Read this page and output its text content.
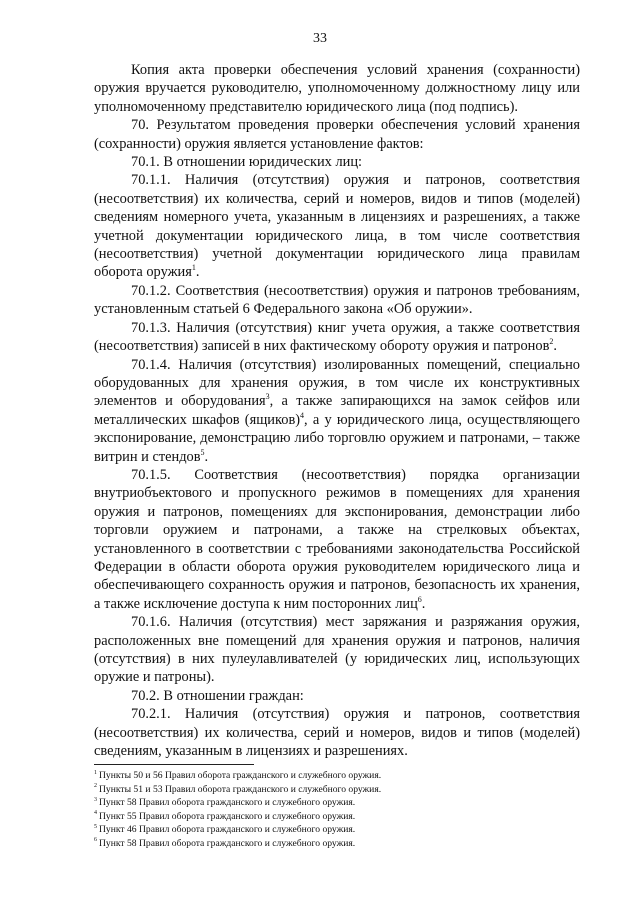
33

Копия акта проверки обеспечения условий хранения (сохранности) оружия вручается руководителю, уполномоченному должностному лицу или уполномоченному представителю юридического лица (под подпись).

70. Результатом проведения проверки обеспечения условий хранения (сохранности) оружия является установление фактов:

70.1. В отношении юридических лиц:

70.1.1. Наличия (отсутствия) оружия и патронов, соответствия (несоответствия) их количества, серий и номеров, видов и типов (моделей) сведениям номерного учета, указанным в лицензиях и разрешениях, а также учетной документации юридического лица, в том числе соответствия (несоответствия) учетной документации юридического лица правилам оборота оружия$^1$.

70.1.2. Соответствия (несоответствия) оружия и патронов требованиям, установленным статьей 6 Федерального закона «Об оружии».

70.1.3. Наличия (отсутствия) книг учета оружия, а также соответствия (несоответствия) записей в них фактическому обороту оружия и патронов$^2$.

70.1.4. Наличия (отсутствия) изолированных помещений, специально оборудованных для хранения оружия, в том числе их конструктивных элементов и оборудования$^3$, а также запирающихся на замок сейфов или металлических шкафов (ящиков)$^4$, а у юридического лица, осуществляющего экспонирование, демонстрацию либо торговлю оружием и патронами, – также витрин и стендов$^5$.

70.1.5. Соответствия (несоответствия) порядка организации внутриобъектового и пропускного режимов в помещениях для хранения оружия и патронов, помещениях для экспонирования, демонстрации либо торговли оружием и патронами, а также на стрелковых объектах, установленного в соответствии с требованиями законодательства Российской Федерации в области оборота оружия руководителем юридического лица и обеспечивающего сохранность оружия и патронов, безопасность их хранения, а также исключение доступа к ним посторонних лиц$^6$.

70.1.6. Наличия (отсутствия) мест заряжания и разряжания оружия, расположенных вне помещений для хранения оружия и патронов, наличия (отсутствия) в них пулеулавливателей (у юридических лиц, использующих оружие и патроны).

70.2. В отношении граждан:

70.2.1. Наличия (отсутствия) оружия и патронов, соответствия (несоответствия) их количества, серий и номеров, видов и типов (моделей) сведениям, указанным в лицензиях и разрешениях.

$^1$ Пункты 50 и 56 Правил оборота гражданского и служебного оружия.

$^2$ Пункты 51 и 53 Правил оборота гражданского и служебного оружия.

$^3$ Пункт 58 Правил оборота гражданского и служебного оружия.

$^4$ Пункт 55 Правил оборота гражданского и служебного оружия.

$^5$ Пункт 46 Правил оборота гражданского и служебного оружия.

$^6$ Пункт 58 Правил оборота гражданского и служебного оружия.
